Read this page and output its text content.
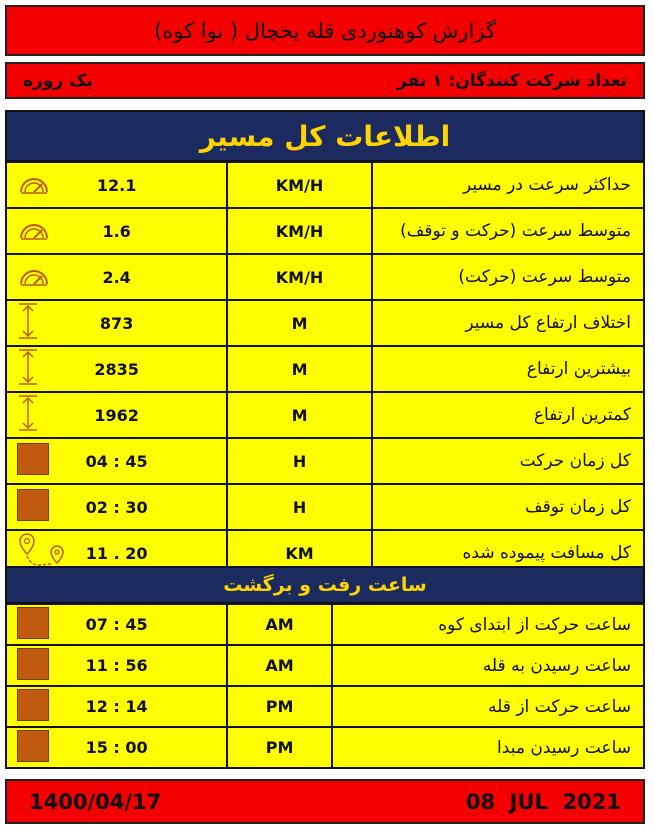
گزارش کوهنوردی قله یخچال ( نوا کوه)
تعداد شرکت کنندگان: ۱ نفر
یک روزه
اطلاعات کل مسیر
12.1	KM/H	حداکثر سرعت در مسیر

1.6	KM/H	متوسط سرعت (حرکت و توقف)

2.4	KM/H	متوسط سرعت (حرکت)

873	M	اختلاف ارتفاع کل مسیر

2835	M	بیشترین ارتفاع

1962	M	کمترین ارتفاع

04 : 45	H	کل زمان حرکت

02 : 30	H	کل زمان توقف

11 . 20	KM	کل مسافت پیموده شده
ساعت رفت و برگشت
07 : 45	AM	ساعت حرکت از ابتدای کوه

11 : 56	AM	ساعت رسیدن به قله

12 : 14	PM	ساعت حرکت از قله

15 : 00	PM	ساعت رسیدن مبدا
1400/04/17	08  JUL  2021
